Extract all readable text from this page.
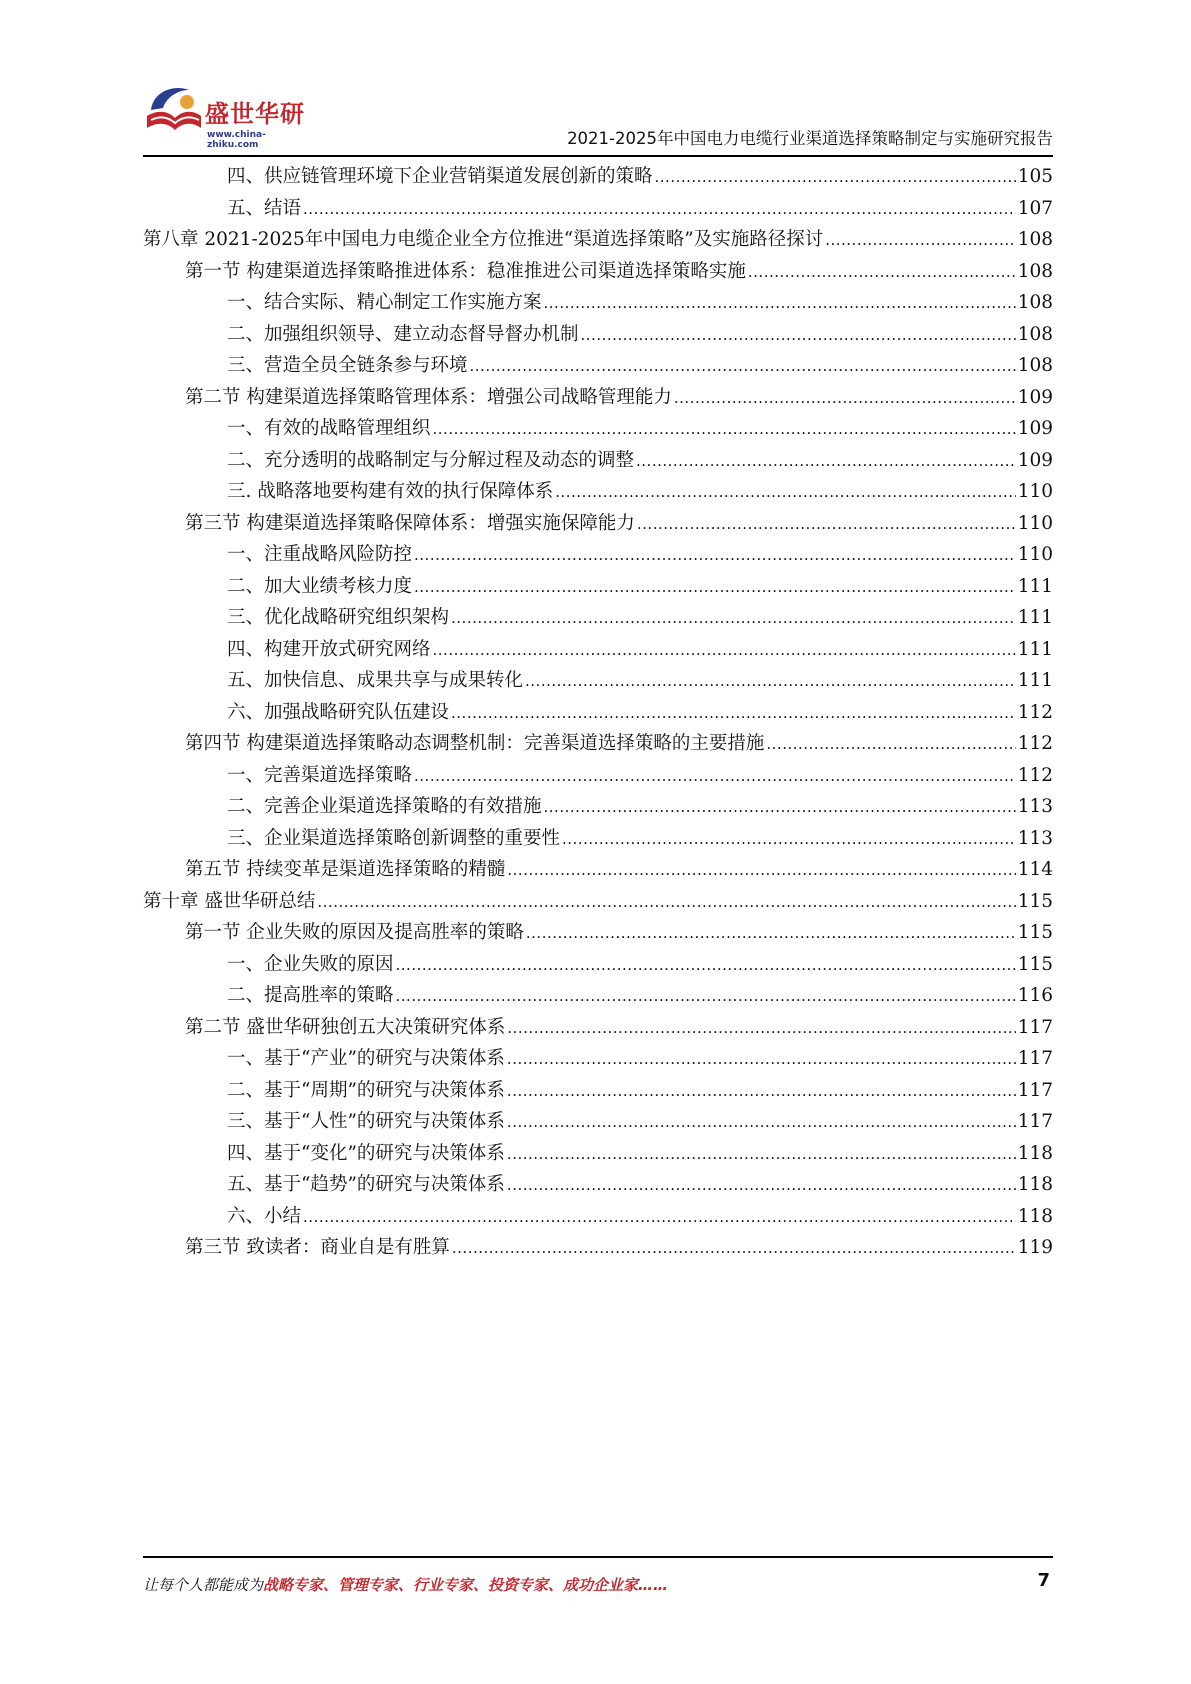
盛世华研
www.china-zhiku.com	2021-2025年中国电力电缆行业渠道选择策略制定与实施研究报告
四、供应链管理环境下企业营销渠道发展创新的策略 .....	105
五、结语 .....	107
第八章 2021-2025年中国电力电缆企业全方位推进“渠道选择策略”及实施路径探讨 .....	108
第一节 构建渠道选择策略推进体系：稳准推进公司渠道选择策略实施 .....	108
一、结合实际、精心制定工作实施方案 .....	108
二、加强组织领导、建立动态督导督办机制 .....	108
三、营造全员全链条参与环境 .....	108
第二节 构建渠道选择策略管理体系：增强公司战略管理能力 .....	109
一、有效的战略管理组织 .....	109
二、充分透明的战略制定与分解过程及动态的调整 .....	109
三. 战略落地要构建有效的执行保障体系 .....	110
第三节 构建渠道选择策略保障体系：增强实施保障能力 .....	110
一、注重战略风险防控 .....	110
二、加大业绩考核力度 .....	111
三、优化战略研究组织架构 .....	111
四、构建开放式研究网络 .....	111
五、加快信息、成果共享与成果转化 .....	111
六、加强战略研究队伍建设 .....	112
第四节 构建渠道选择策略动态调整机制：完善渠道选择策略的主要措施 .....	112
一、完善渠道选择策略 .....	112
二、完善企业渠道选择策略的有效措施 .....	113
三、企业渠道选择策略创新调整的重要性 .....	113
第五节 持续变革是渠道选择策略的精髓 .....	114
第十章 盛世华研总结 .....	115
第一节 企业失败的原因及提高胜率的策略 .....	115
一、企业失败的原因 .....	115
二、提高胜率的策略 .....	116
第二节 盛世华研独创五大决策研究体系 .....	117
一、基于“产业”的研究与决策体系 .....	117
二、基于“周期”的研究与决策体系 .....	117
三、基于“人性”的研究与决策体系 .....	117
四、基于“变化”的研究与决策体系 .....	118
五、基于“趋势”的研究与决策体系 .....	118
六、小结 .....	118
第三节 致读者：商业自是有胜算 .....	119
让每个人都能成为战略专家、管理专家、行业专家、投资专家、成功企业家……	7
